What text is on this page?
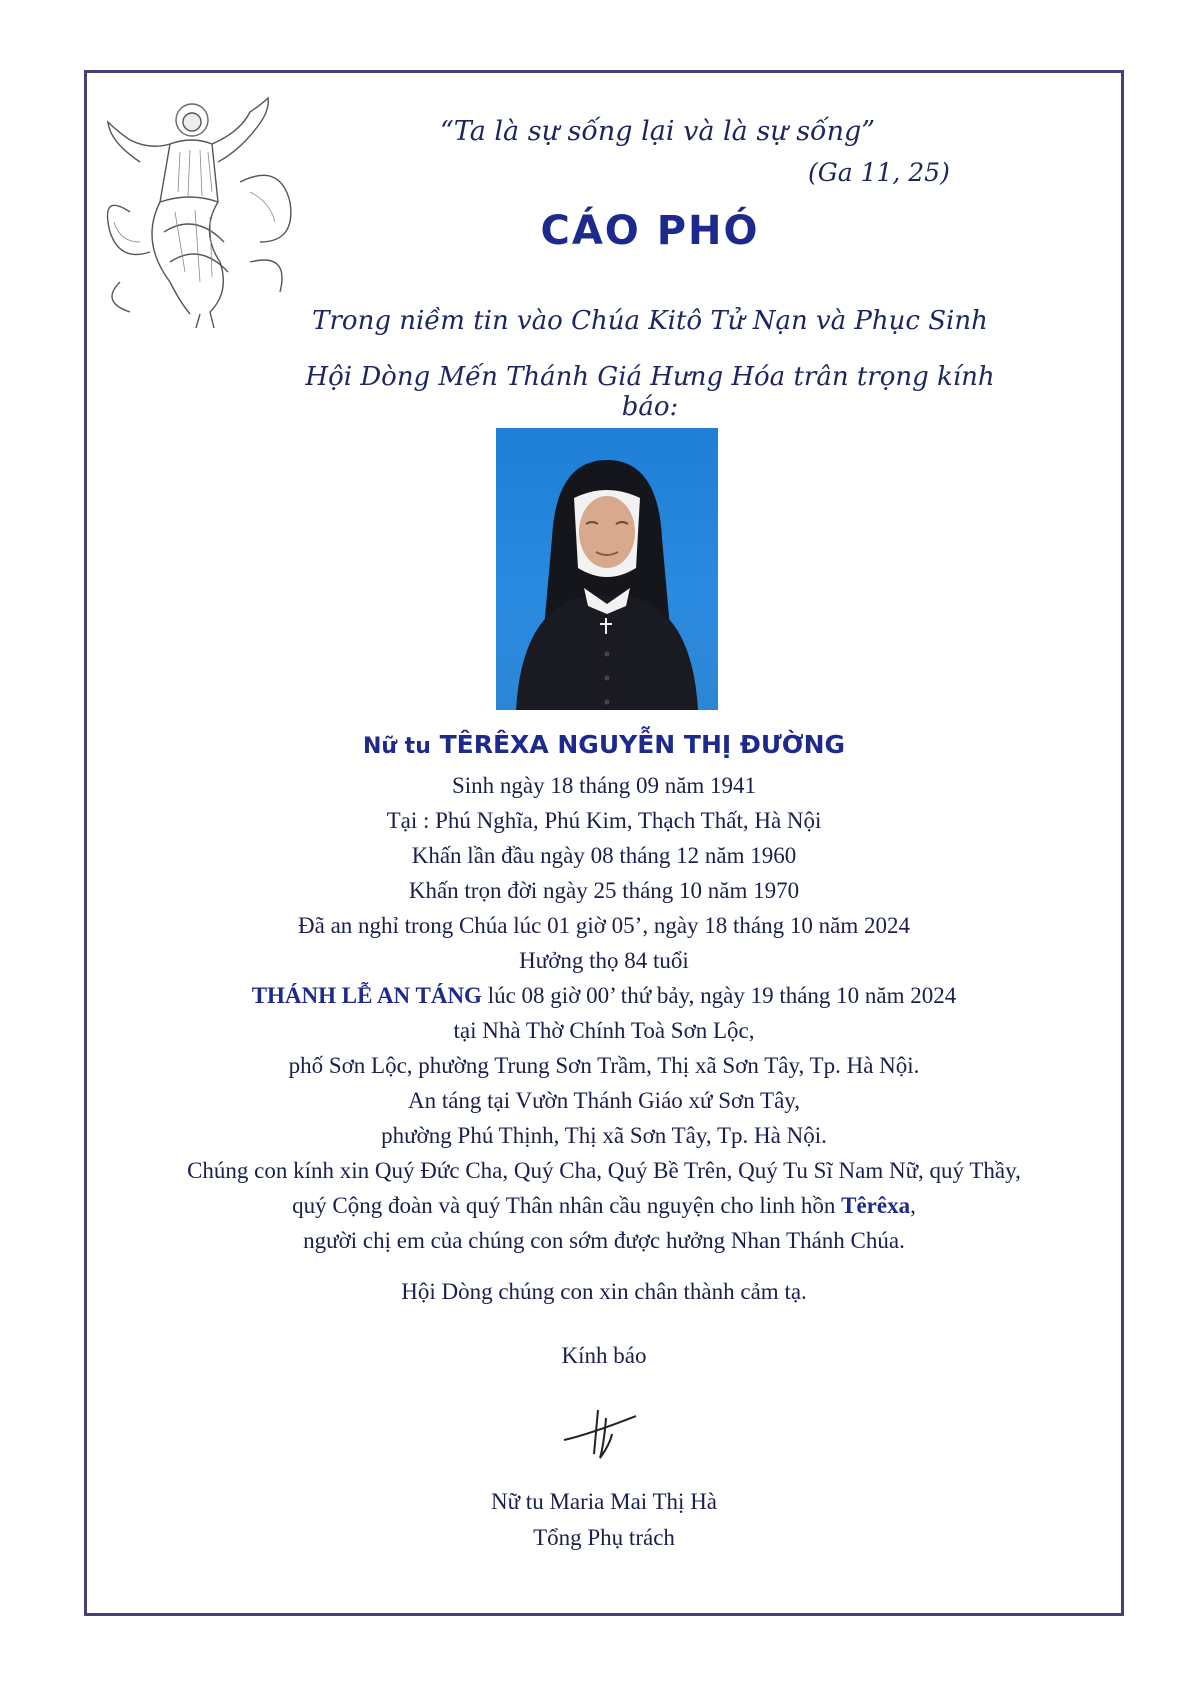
“Ta là sự sống lại và là sự sống”
(Ga 11, 25)
CÁO PHÓ
Trong niềm tin vào Chúa Kitô Tử Nạn và Phục Sinh
Hội Dòng Mến Thánh Giá Hưng Hóa trân trọng kính báo:
Nữ tu TÊRÊXA NGUYỄN THỊ ĐƯỜNG
Sinh ngày 18 tháng 09 năm 1941
Tại : Phú Nghĩa, Phú Kim, Thạch Thất, Hà Nội
Khấn lần đầu ngày 08 tháng 12 năm 1960
Khấn trọn đời ngày 25 tháng 10 năm 1970
Đã an nghỉ trong Chúa lúc 01 giờ 05’, ngày 18 tháng 10 năm 2024
Hưởng thọ 84 tuổi
THÁNH LỄ AN TÁNG lúc 08 giờ 00’ thứ bảy, ngày 19 tháng 10 năm 2024
tại Nhà Thờ Chính Toà Sơn Lộc,
phố Sơn Lộc, phường Trung Sơn Trầm, Thị xã Sơn Tây, Tp. Hà Nội.
An táng tại Vườn Thánh Giáo xứ Sơn Tây,
phường Phú Thịnh, Thị xã Sơn Tây, Tp. Hà Nội.
Chúng con kính xin Quý Đức Cha, Quý Cha, Quý Bề Trên, Quý Tu Sĩ Nam Nữ, quý Thầy,
quý Cộng đoàn và quý Thân nhân cầu nguyện cho linh hồn Têrêxa,
người chị em của chúng con sớm được hưởng Nhan Thánh Chúa.
Hội Dòng chúng con xin chân thành cảm tạ.
Kính báo
Nữ tu Maria Mai Thị Hà
Tổng Phụ trách
